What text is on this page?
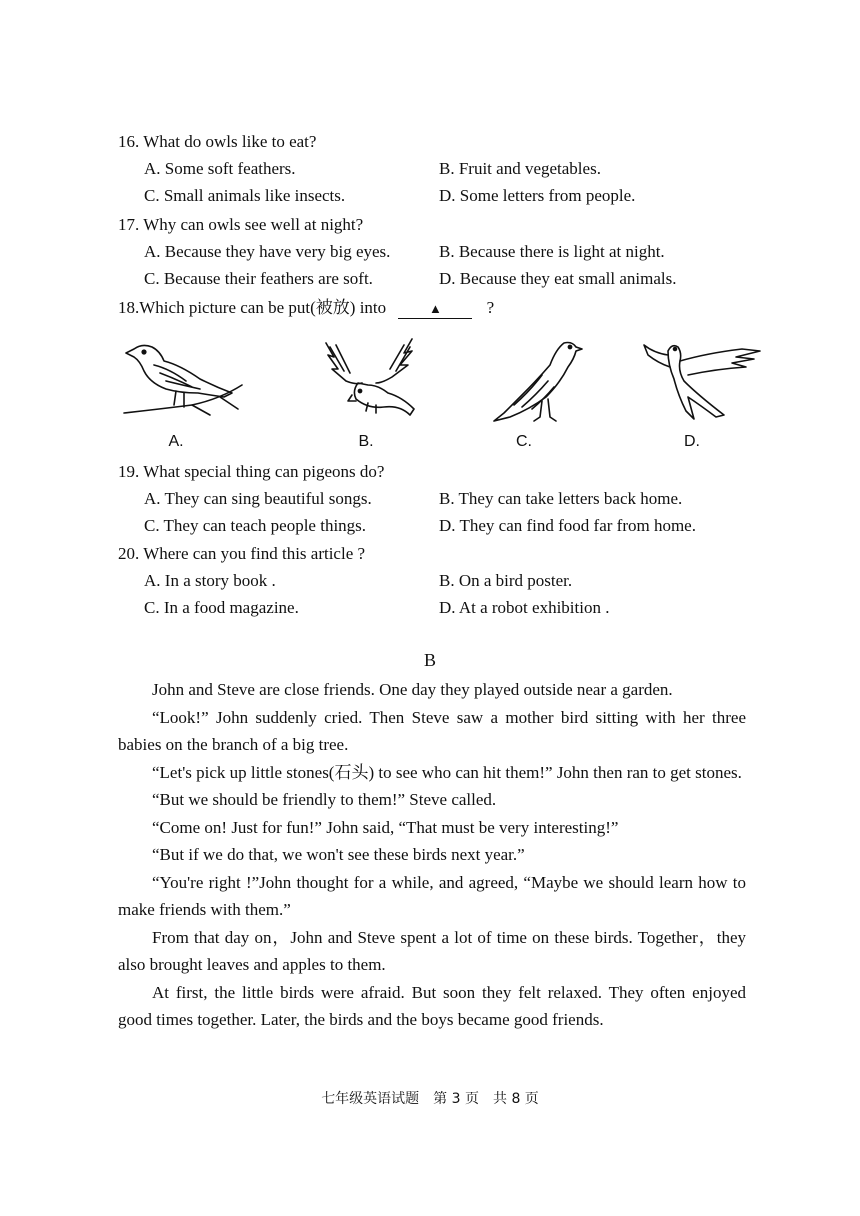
16. What do owls like to eat?
A. Some soft feathers.	B. Fruit and vegetables.
C. Small animals like insects.	D. Some letters from people.
17. Why can owls see well at night?
A. Because they have very big eyes.	B. Because there is light at night.
C. Because their feathers are soft.	D. Because they eat small animals.
18.Which picture can be put(被放) into	▲	?
A.	B.	C.	D.
19. What special thing can pigeons do?
A. They can sing beautiful songs.	B. They can take letters back home.
C. They can teach people things.	D. They can find food far from home.
20. Where can you find this article ?
A. In a story book .	B. On a bird poster.
C. In a food magazine.	D. At a robot exhibition .
B

John and Steve are close friends. One day they played outside near a garden.

“Look!” John suddenly cried. Then Steve saw a mother bird sitting with her three babies on the branch of a big tree.

“Let's pick up little stones(石头) to see who can hit them!” John then ran to get stones.

“But we should be friendly to them!” Steve called.

“Come on! Just for fun!” John said, “That must be very interesting!”

“But if we do that, we won't see these birds next year.”

“You're right !”John thought for a while, and agreed, “Maybe we should learn how to make friends with them.”

From that day on，John and Steve spent a lot of time on these birds. Together，they also brought leaves and apples to them.

At first, the little birds were afraid. But soon they felt relaxed. They often enjoyed good times together. Later, the birds and the boys became good friends.

七年级英语试题　第 3 页　共 8 页
